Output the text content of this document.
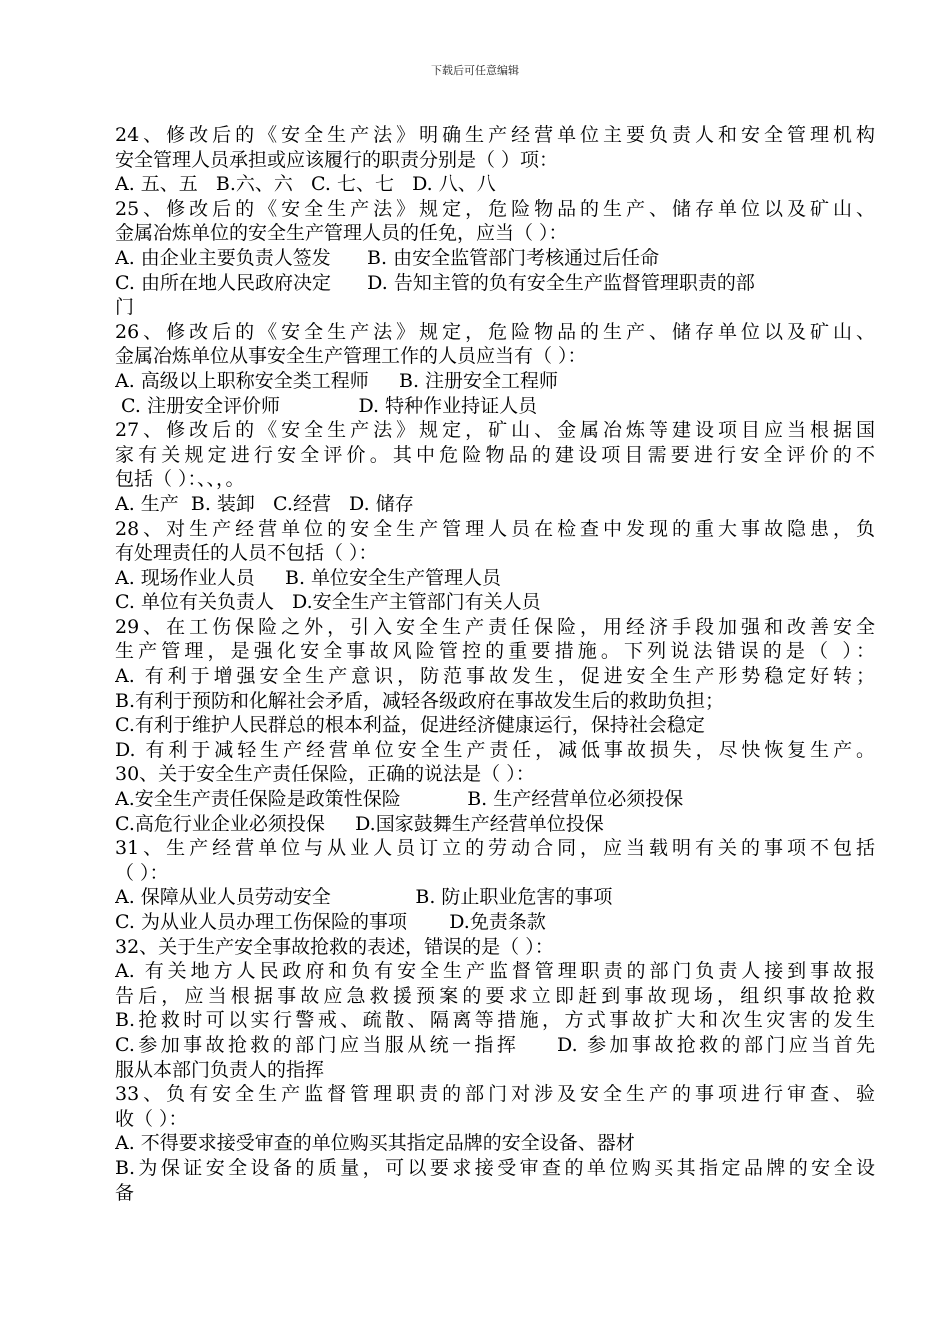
下载后可任意编辑
24、修改后的《安全生产法》明确生产经营单位主要负责人和安全管理机构
安全管理人员承担或应该履行的职责分别是（ ）项：
A. 五、五   B.六、六   C. 七、七   D. 八、八
25、修改后的《安全生产法》规定，危险物品的生产、储存单位以及矿山、
金属冶炼单位的安全生产管理人员的任免，应当（ ）：
A. 由企业主要负责人签发      B. 由安全监管部门考核通过后任命
C. 由所在地人民政府决定      D. 告知主管的负有安全生产监督管理职责的部
门
26、修改后的《安全生产法》规定，危险物品的生产、储存单位以及矿山、
金属冶炼单位从事安全生产管理工作的人员应当有（ ）：
A. 高级以上职称安全类工程师     B. 注册安全工程师
C. 注册安全评价师             D. 特种作业持证人员
27、修改后的《安全生产法》规定，矿山、金属冶炼等建设项目应当根据国
家有关规定进行安全评价。其中危险物品的建设项目需要进行安全评价的不
包括（ ）：、、，。
A. 生产  B. 装卸   C.经营   D. 储存
28、对生产经营单位的安全生产管理人员在检查中发现的重大事故隐患，负
有处理责任的人员不包括（ ）：
A. 现场作业人员     B. 单位安全生产管理人员
C. 单位有关负责人   D.安全生产主管部门有关人员
29、在工伤保险之外，引入安全生产责任保险，用经济手段加强和改善安全
生产管理，是强化安全事故风险管控的重要措施。下列说法错误的是（ ）：
A. 有利于增强安全生产意识，防范事故发生，促进安全生产形势稳定好转；
B.有利于预防和化解社会矛盾，减轻各级政府在事故发生后的救助负担；
C.有利于维护人民群总的根本利益，促进经济健康运行，保持社会稳定
D. 有利于减轻生产经营单位安全生产责任，减低事故损失，尽快恢复生产。
30、关于安全生产责任保险，正确的说法是（ ）：
A.安全生产责任保险是政策性保险           B. 生产经营单位必须投保
C.高危行业企业必须投保     D.国家鼓舞生产经营单位投保
31、生产经营单位与从业人员订立的劳动合同，应当载明有关的事项不包括
（ ）：
A. 保障从业人员劳动安全              B. 防止职业危害的事项
C. 为从业人员办理工伤保险的事项       D.免责条款
32、关于生产安全事故抢救的表述，错误的是（ ）：
A. 有关地方人民政府和负有安全生产监督管理职责的部门负责人接到事故报
告后，应当根据事故应急救援预案的要求立即赶到事故现场，组织事故抢救
B.抢救时可以实行警戒、疏散、隔离等措施，方式事故扩大和次生灾害的发生
C.参加事故抢救的部门应当服从统一指挥    D. 参加事故抢救的部门应当首先
服从本部门负责人的指挥
33、负有安全生产监督管理职责的部门对涉及安全生产的事项进行审查、验
收（ ）：
A. 不得要求接受审查的单位购买其指定品牌的安全设备、器材
B.为保证安全设备的质量，可以要求接受审查的单位购买其指定品牌的安全设
备
